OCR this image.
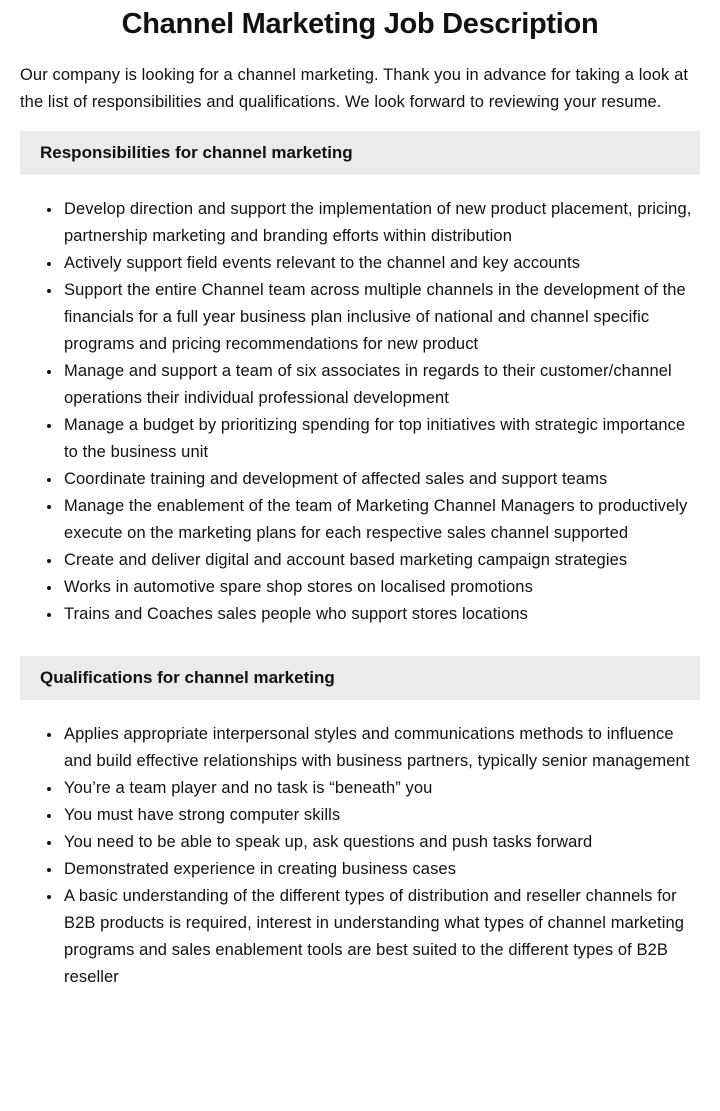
Channel Marketing Job Description

Our company is looking for a channel marketing. Thank you in advance for taking a look at the list of responsibilities and qualifications. We look forward to reviewing your resume.

Responsibilities for channel marketing
• Develop direction and support the implementation of new product placement, pricing, partnership marketing and branding efforts within distribution
• Actively support field events relevant to the channel and key accounts
• Support the entire Channel team across multiple channels in the development of the financials for a full year business plan inclusive of national and channel specific programs and pricing recommendations for new product
• Manage and support a team of six associates in regards to their customer/channel operations their individual professional development
• Manage a budget by prioritizing spending for top initiatives with strategic importance to the business unit
• Coordinate training and development of affected sales and support teams
• Manage the enablement of the team of Marketing Channel Managers to productively execute on the marketing plans for each respective sales channel supported
• Create and deliver digital and account based marketing campaign strategies
• Works in automotive spare shop stores on localised promotions
• Trains and Coaches sales people who support stores locations
Qualifications for channel marketing
• Applies appropriate interpersonal styles and communications methods to influence and build effective relationships with business partners, typically senior management
• You’re a team player and no task is “beneath” you
• You must have strong computer skills
• You need to be able to speak up, ask questions and push tasks forward
• Demonstrated experience in creating business cases
• A basic understanding of the different types of distribution and reseller channels for B2B products is required, interest in understanding what types of channel marketing programs and sales enablement tools are best suited to the different types of B2B reseller
